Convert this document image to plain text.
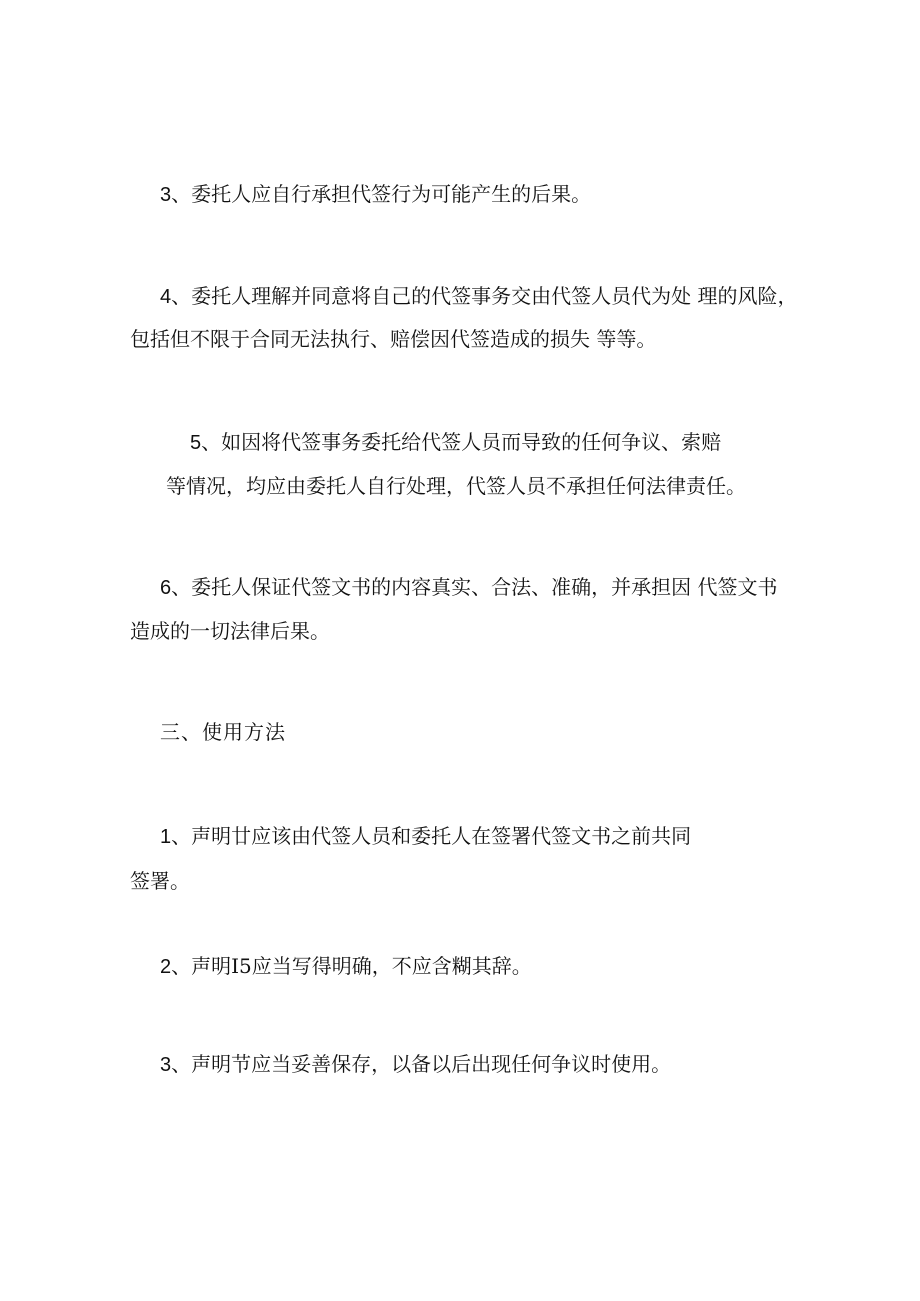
3、委托人应自行承担代签行为可能产生的后果。
4、委托人理解并同意将自己的代签事务交由代签人员代为处 理的风险，
包括但不限于合同无法执行、赔偿因代签造成的损失 等等。
5、如因将代签事务委托给代签人员而导致的任何争议、索赔
等情况，均应由委托人自行处理，代签人员不承担任何法律责任。
6、委托人保证代签文书的内容真实、合法、准确，并承担因 代签文书
造成的一切法律后果。
三、使用方法
1、声明廿应该由代签人员和委托人在签署代签文书之前共同
签署。
2、声明I5应当写得明确，不应含糊其辞。
3、声明节应当妥善保存，以备以后出现任何争议时使用。
